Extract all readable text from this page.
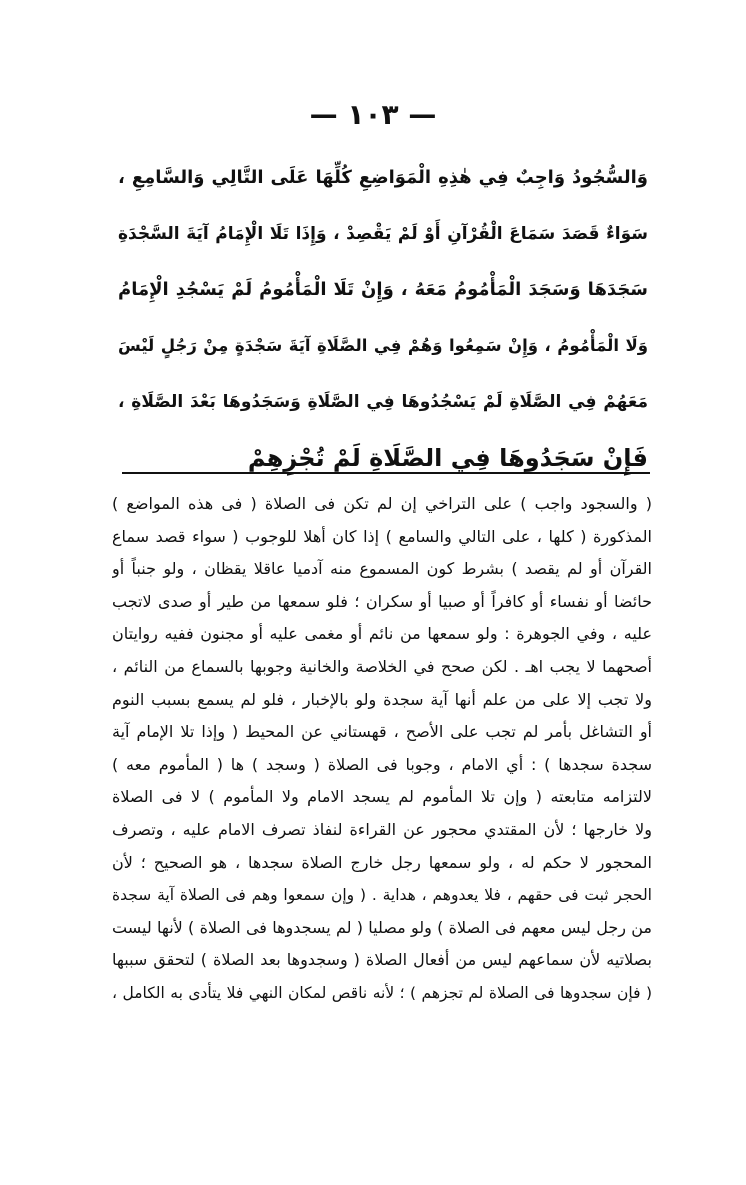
— ١٠٣ —
وَالسُّجُودُ وَاجِبٌ فِي هٰذِهِ الْمَوَاضِعِ كُلِّهَا عَلَى التَّالِي وَالسَّامِعِ ،
سَوَاءٌ قَصَدَ سَمَاعَ الْقُرْآنِ أَوْ لَمْ يَقْصِدْ ، وَإِذَا تَلَا الْإِمَامُ آيَةَ السَّجْدَةِ
سَجَدَهَا وَسَجَدَ الْمَأْمُومُ مَعَهُ ، وَإِنْ تَلَا الْمَأْمُومُ لَمْ يَسْجُدِ الْإِمَامُ
وَلَا الْمَأْمُومُ ، وَإِنْ سَمِعُوا وَهُمْ فِي الصَّلَاةِ آيَةَ سَجْدَةٍ مِنْ رَجُلٍ لَيْسَ
مَعَهُمْ فِي الصَّلَاةِ لَمْ يَسْجُدُوهَا فِي الصَّلَاةِ وَسَجَدُوهَا بَعْدَ الصَّلَاةِ ،
فَإِنْ سَجَدُوهَا فِي الصَّلَاةِ لَمْ تُجْزِهِمْ
( والسجود واجب ) على التراخي إن لم تكن فى الصلاة ( فى هذه المواضع )
المذكورة ( كلها ، على التالي والسامع ) إذا كان أهلا للوجوب ( سواء قصد سماع
القرآن أو لم يقصد ) بشرط كون المسموع منه آدميا عاقلا يقظان ، ولو جنباً أو
حائضا أو نفساء أو كافراً أو صبيا أو سكران ؛ فلو سمعها من طير أو صدى لاتجب
عليه ، وفي الجوهرة : ولو سمعها من نائم أو مغمى عليه أو مجنون ففيه روايتان
أصحهما لا يجب اهـ . لكن صحح في الخلاصة والخانية وجوبها بالسماع من النائم ،
ولا تجب إلا على من علم أنها آية سجدة ولو بالإخبار ، فلو لم يسمع بسبب النوم
أو التشاغل بأمر لم تجب على الأصح ، قهستاني عن المحيط ( وإذا تلا الإمام آية
سجدة سجدها ) : أي الامام ، وجوبا فى الصلاة ( وسجد ) ها ( المأموم معه )
لالتزامه متابعته ( وإن تلا المأموم لم يسجد الامام ولا المأموم ) لا فى الصلاة
ولا خارجها ؛ لأن المقتدي محجور عن القراءة لنفاذ تصرف الامام عليه ، وتصرف
المحجور لا حكم له ، ولو سمعها رجل خارج الصلاة سجدها ، هو الصحيح ؛ لأن
الحجر ثبت فى حقهم ، فلا يعدوهم ، هداية . ( وإن سمعوا وهم فى الصلاة آية سجدة
من رجل ليس معهم فى الصلاة ) ولو مصليا ( لم يسجدوها فى الصلاة ) لأنها ليست
بصلاتيه لأن سماعهم ليس من أفعال الصلاة ( وسجدوها بعد الصلاة ) لتحقق سببها
( فإن سجدوها فى الصلاة لم تجزهم ) ؛ لأنه ناقص لمكان النهي فلا يتأدى به الكامل ،
